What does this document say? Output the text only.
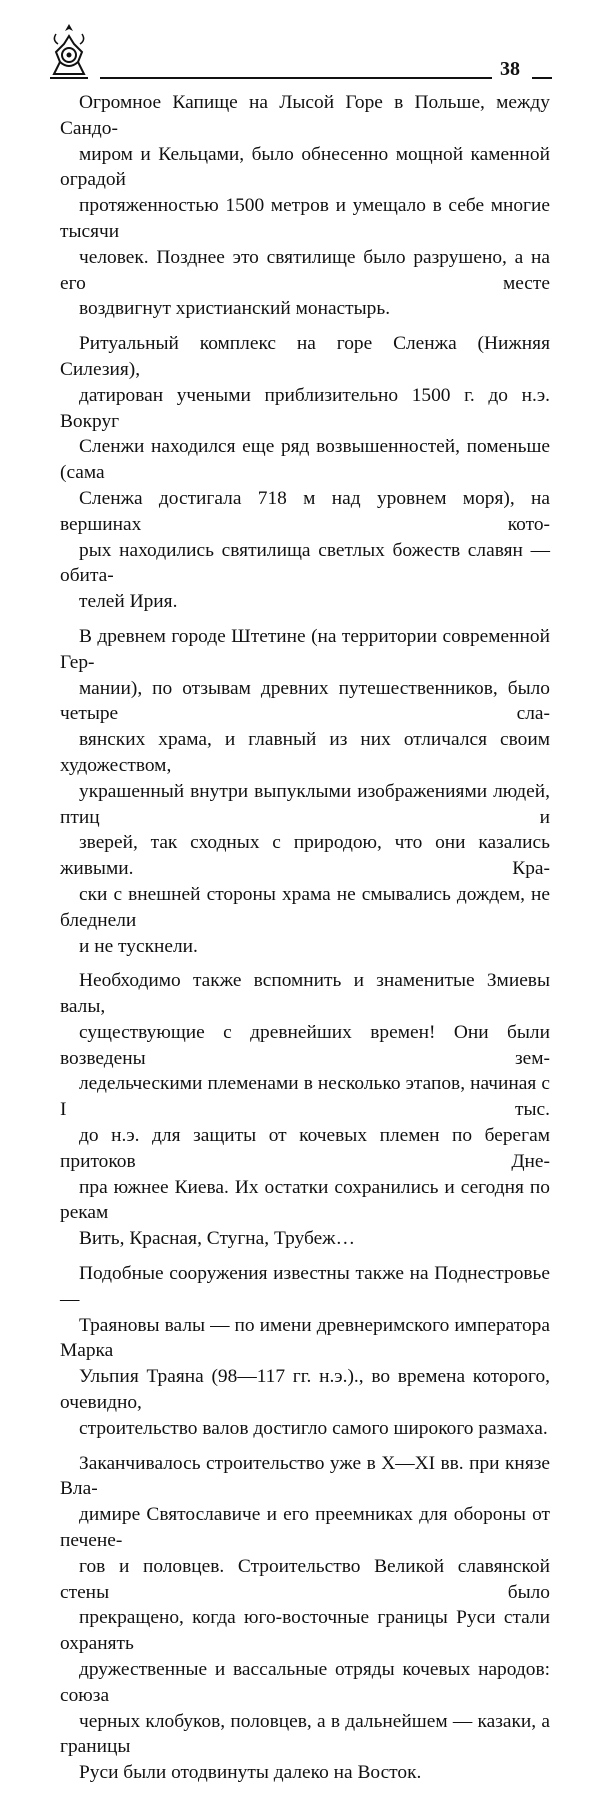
38

Огромное Капище на Лысой Горе в Польше, между Сандо-
миром и Кельцами, было обнесенно мощной каменной оградой
протяженностью 1500 метров и умещало в себе многие тысячи
человек. Позднее это святилище было разрушено, а на его месте
воздвигнут христианский монастырь.

Ритуальный комплекс на горе Сленжа (Нижняя Силезия),
датирован учеными приблизительно 1500 г. до н.э. Вокруг
Сленжи находился еще ряд возвышенностей, поменьше (сама
Сленжа достигала 718 м над уровнем моря), на вершинах кото-
рых находились святилища светлых божеств славян — обита-
телей Ирия.

В древнем городе Штетине (на территории современной Гер-
мании), по отзывам древних путешественников, было четыре сла-
вянских храма, и главный из них отличался своим художеством,
украшенный внутри выпуклыми изображениями людей, птиц и
зверей, так сходных с природою, что они казались живыми. Кра-
ски с внешней стороны храма не смывались дождем, не бледнели
и не тускнели.

Необходимо также вспомнить и знаменитые Змиевы валы,
существующие с древнейших времен! Они были возведены зем-
ледельческими племенами в несколько этапов, начиная с I тыс.
до н.э. для защиты от кочевых племен по берегам притоков Дне-
пра южнее Киева. Их остатки сохранились и сегодня по рекам
Вить, Красная, Стугна, Трубеж…

Подобные сооружения известны также на Поднестровье —
Траяновы валы — по имени древнеримского императора Марка
Ульпия Траяна (98—117 гг. н.э.)., во времена которого, очевидно,
строительство валов достигло самого широкого размаха.

Заканчивалось строительство уже в X—XI вв. при князе Вла-
димире Святославиче и его преемниках для обороны от печене-
гов и половцев. Строительство Великой славянской стены было
прекращено, когда юго-восточные границы Руси стали охранять
дружественные и вассальные отряды кочевых народов: союза
черных клобуков, половцев, а в дальнейшем — казаки, а границы
Руси были отодвинуты далеко на Восток.
